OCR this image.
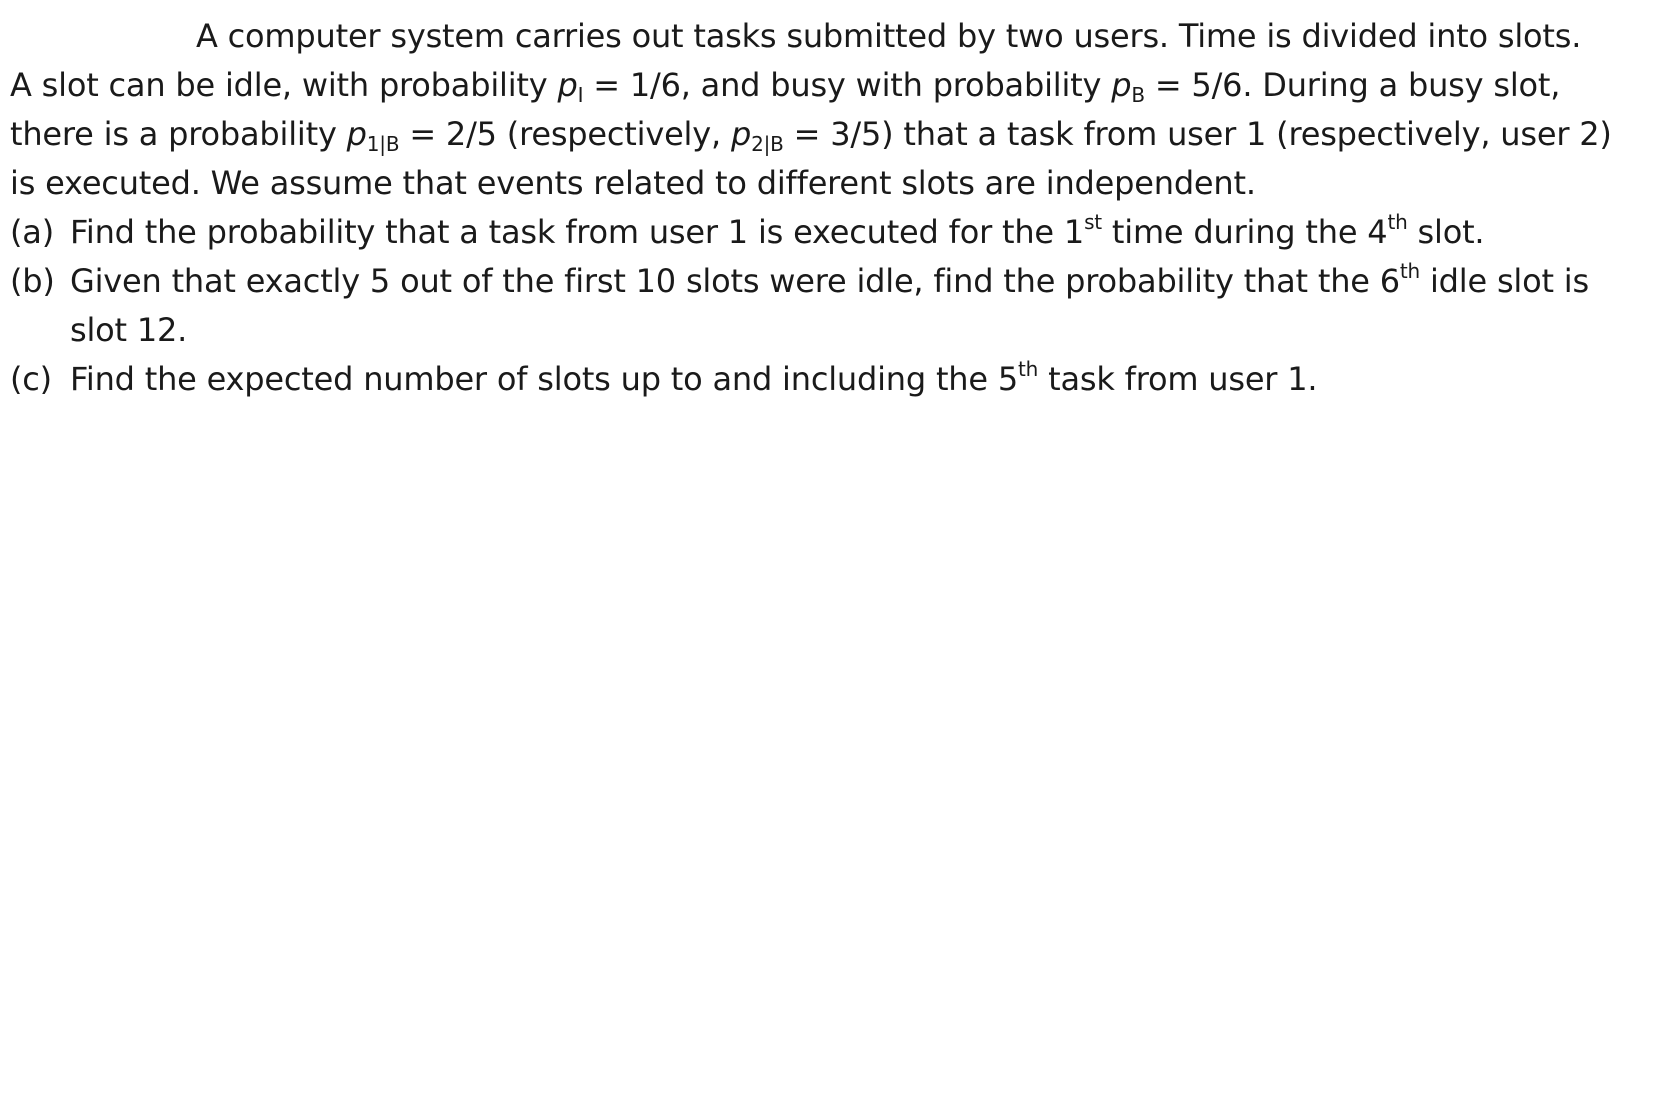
A computer system carries out tasks submitted by two users. Time is divided into slots.
A slot can be idle, with probability $p_I = 1/6$, and busy with probability $p_B = 5/6$. During a busy slot,
there is a probability $p_{1|B} = 2/5$ (respectively, $p_{2|B} = 3/5$) that a task from user 1 (respectively, user 2)
is executed. We assume that events related to different slots are independent.
(a) Find the probability that a task from user 1 is executed for the 1st time during the 4th slot.
(b) Given that exactly 5 out of the first 10 slots were idle, find the probability that the 6th idle slot is
slot 12.
(c) Find the expected number of slots up to and including the 5th task from user 1.
